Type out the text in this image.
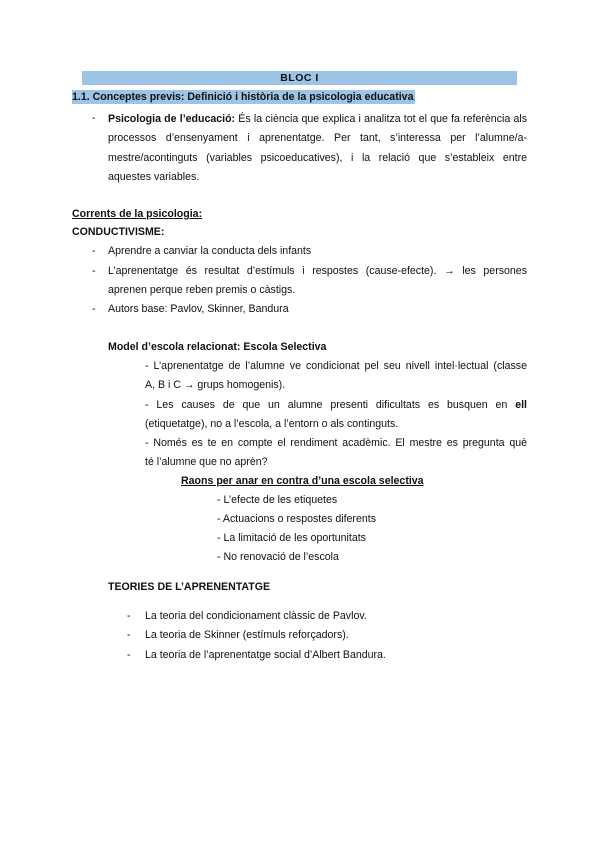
BLOC I
1.1. Conceptes previs: Definició i història de la psicologia educativa
- Psicologia de l’educació: És la ciència que explica i analitza tot el que fa referència als processos d’ensenyament i aprenentatge. Per tant, s’interessa per l’alumne/a-mestre/acontinguts (variables psicoeducatives), i la relació que s’estableix entre aquestes variables.
Corrents de la psicologia:
CONDUCTIVISME:
- Aprendre a canviar la conducta dels infants
- L’aprenentatge és resultat d’estímuls i respostes (cause-efecte). → les persones
aprenen perque reben premis o càstigs.
- Autors base: Pavlov, Skinner, Bandura
Model d’escola relacionat: Escola Selectiva
- L’aprenentatge de l’alumne ve condicionat pel seu nivell intel·lectual (classe
A, B i C → grups homogenis).
- Les causes de que un alumne presenti dificultats es busquen en ell
(etiquetatge), no a l’escola, a l’entorn o als continguts.
- Només es te en compte el rendiment acadèmic. El mestre es pregunta què
té l’alumne que no aprèn?
Raons per anar en contra d’una escola selectiva
- L’efecte de les etiquetes
- Actuacions o respostes diferents
- La limitació de les oportunitats
- No renovació de l’escola
TEORIES DE L’APRENENTATGE
- La teoria del condicionament clàssic de Pavlov.
- La teoria de Skinner (estímuls reforçadors).
- La teoria de l’aprenentatge social d’Albert Bandura.
